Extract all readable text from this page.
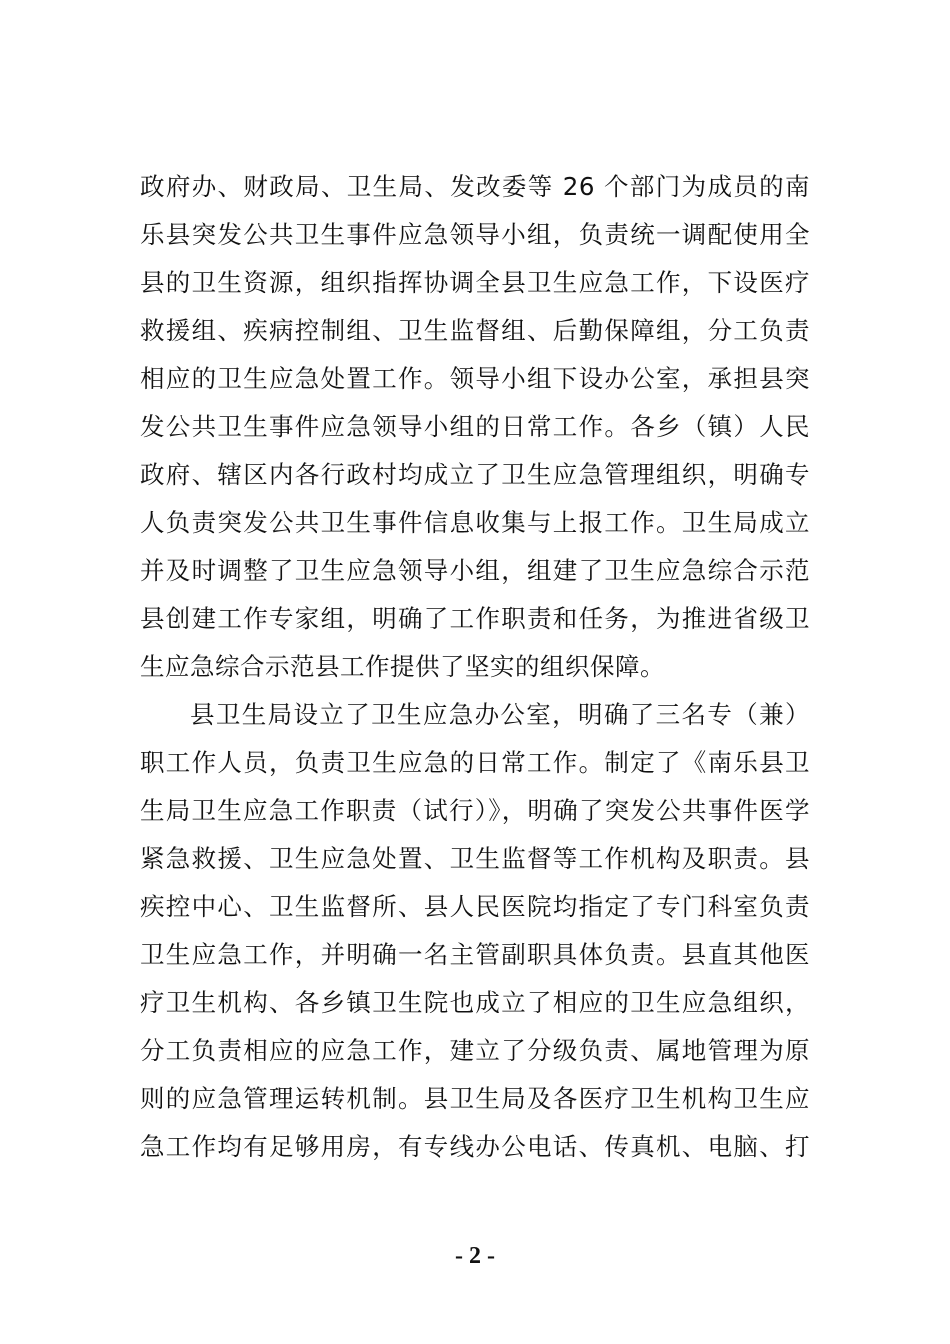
政府办、财政局、卫生局、发改委等 26 个部门为成员的南
乐县突发公共卫生事件应急领导小组，负责统一调配使用全
县的卫生资源，组织指挥协调全县卫生应急工作，下设医疗
救援组、疾病控制组、卫生监督组、后勤保障组，分工负责
相应的卫生应急处置工作。领导小组下设办公室，承担县突
发公共卫生事件应急领导小组的日常工作。各乡（镇）人民
政府、辖区内各行政村均成立了卫生应急管理组织，明确专
人负责突发公共卫生事件信息收集与上报工作。卫生局成立
并及时调整了卫生应急领导小组，组建了卫生应急综合示范
县创建工作专家组，明确了工作职责和任务，为推进省级卫
生应急综合示范县工作提供了坚实的组织保障。
县卫生局设立了卫生应急办公室，明确了三名专（兼）
职工作人员，负责卫生应急的日常工作。制定了《南乐县卫
生局卫生应急工作职责（试行）》，明确了突发公共事件医学
紧急救援、卫生应急处置、卫生监督等工作机构及职责。县
疾控中心、卫生监督所、县人民医院均指定了专门科室负责
卫生应急工作，并明确一名主管副职具体负责。县直其他医
疗卫生机构、各乡镇卫生院也成立了相应的卫生应急组织，
分工负责相应的应急工作，建立了分级负责、属地管理为原
则的应急管理运转机制。县卫生局及各医疗卫生机构卫生应
急工作均有足够用房，有专线办公电话、传真机、电脑、打
- 2 -
